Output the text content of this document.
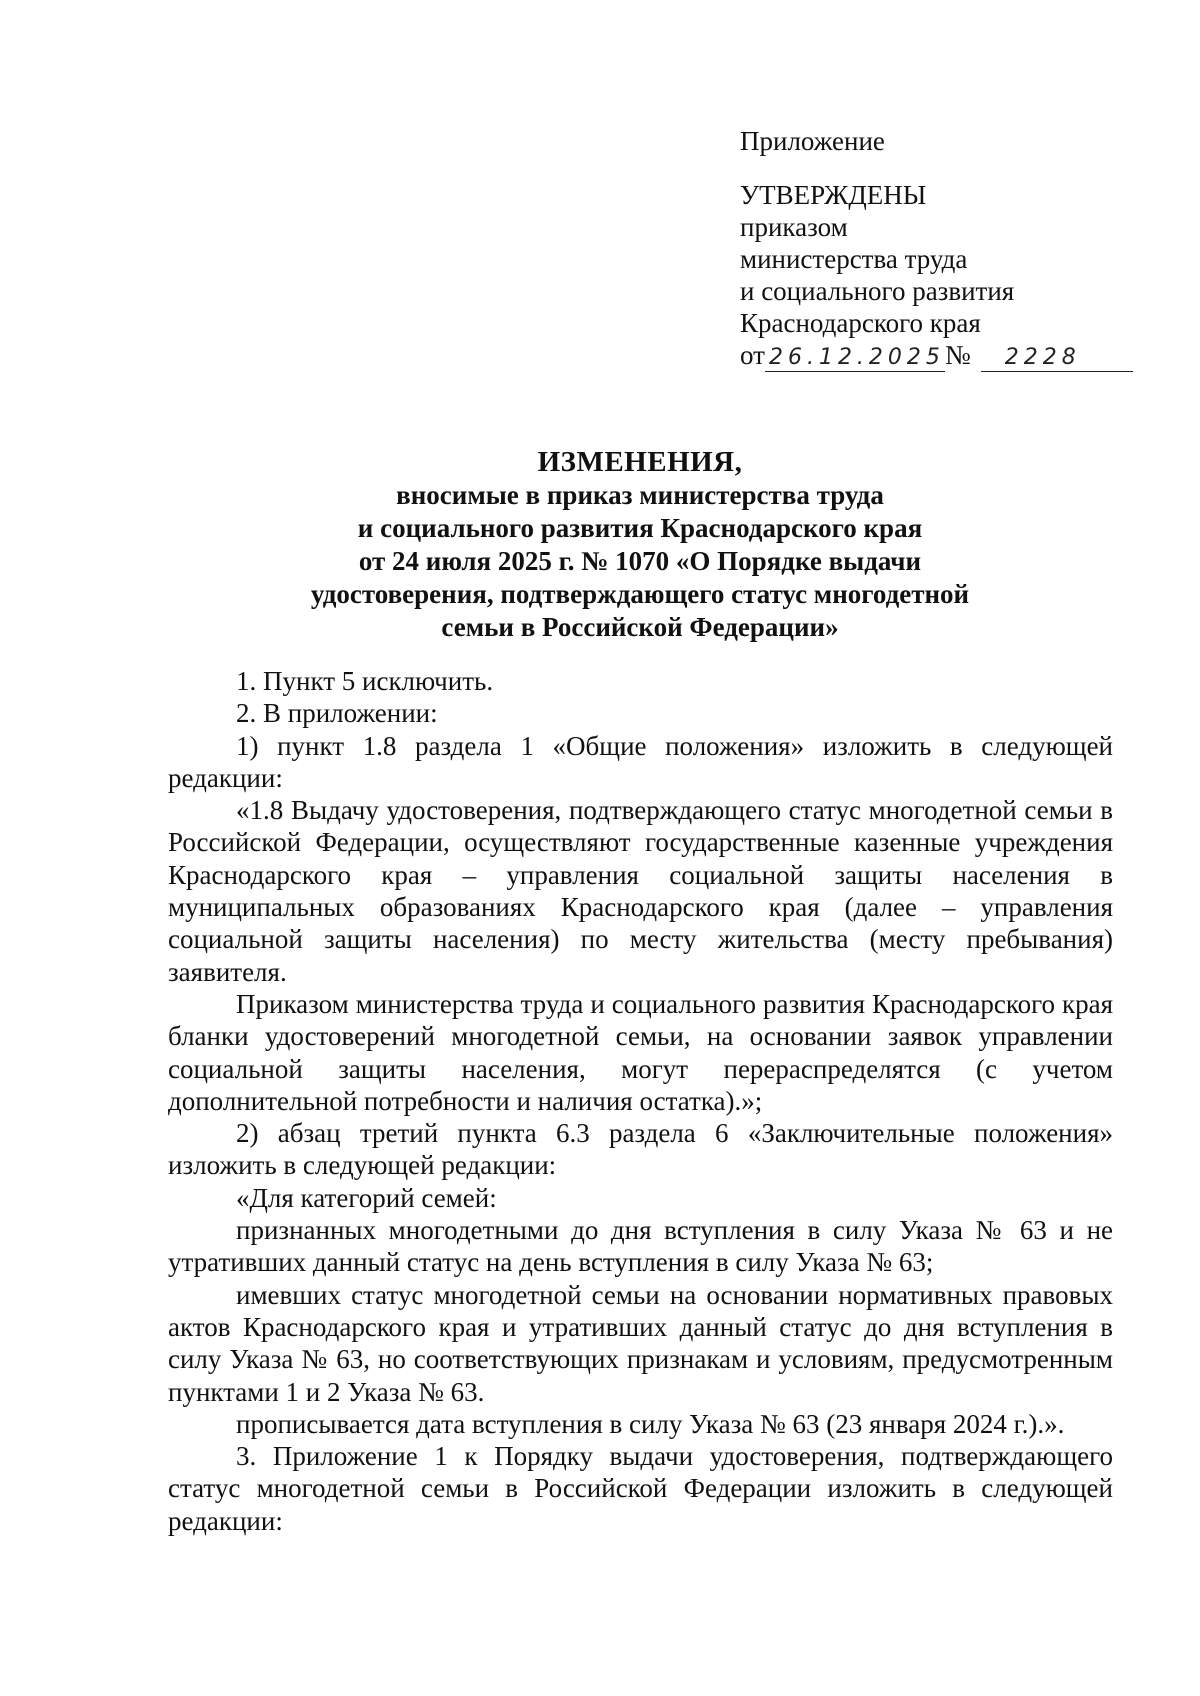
Приложение
УТВЕРЖДЕНЫ
приказом
министерства труда
и социального развития
Краснодарского края
от 26.12.2025№ 2228
ИЗМЕНЕНИЯ,
вносимые в приказ министерства труда
и социального развития Краснодарского края
от 24 июля 2025 г. № 1070 «О Порядке выдачи
удостоверения, подтверждающего статус многодетной
семьи в Российской Федерации»

1. Пункт 5 исключить.

2. В приложении:

1) пункт 1.8 раздела 1 «Общие положения» изложить в следующей редакции:

«1.8 Выдачу удостоверения, подтверждающего статус многодетной семьи в Российской Федерации, осуществляют государственные казенные учреждения Краснодарского края – управления социальной защиты населения в муниципальных образованиях Краснодарского края (далее – управления социальной защиты населения) по месту жительства (месту пребывания) заявителя.

Приказом министерства труда и социального развития Краснодарского края бланки удостоверений многодетной семьи, на основании заявок управлении социальной защиты населения, могут перераспределятся (с учетом дополнительной потребности и наличия остатка).»;

2) абзац третий пункта 6.3 раздела 6 «Заключительные положения» изложить в следующей редакции:

«Для категорий семей:

признанных многодетными до дня вступления в силу Указа № 63 и не утративших данный статус на день вступления в силу Указа № 63;

имевших статус многодетной семьи на основании нормативных правовых актов Краснодарского края и утративших данный статус до дня вступления в силу Указа № 63, но соответствующих признакам и условиям, предусмотренным пунктами 1 и 2 Указа № 63.

прописывается дата вступления в силу Указа № 63 (23 января 2024 г.).».

3. Приложение 1 к Порядку выдачи удостоверения, подтверждающего статус многодетной семьи в Российской Федерации изложить в следующей редакции:
